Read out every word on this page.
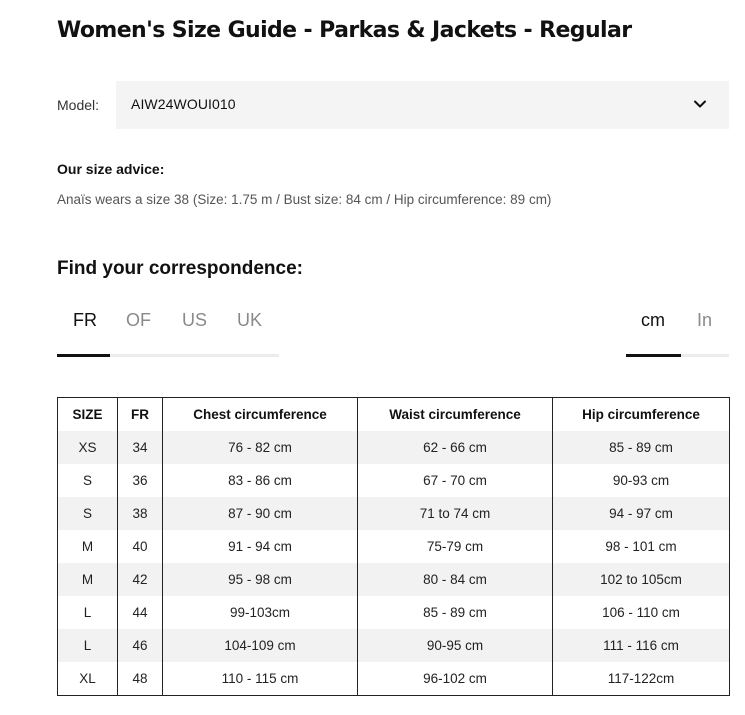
Women's Size Guide - Parkas & Jackets - Regular
Model: AIW24WOUI010
Our size advice:
Anaïs wears a size 38 (Size: 1.75 m / Bust size: 84 cm / Hip circumference: 89 cm)
Find your correspondence:
FR OF US UK	cm In
SIZE	FR	Chest circumference	Waist circumference	Hip circumference
XS	34	76 - 82 cm	62 - 66 cm	85 - 89 cm
S	36	83 - 86 cm	67 - 70 cm	90-93 cm
S	38	87 - 90 cm	71 to 74 cm	94 - 97 cm
M	40	91 - 94 cm	75-79 cm	98 - 101 cm
M	42	95 - 98 cm	80 - 84 cm	102 to 105cm
L	44	99-103cm	85 - 89 cm	106 - 110 cm
L	46	104-109 cm	90-95 cm	111 - 116 cm
XL	48	110 - 115 cm	96-102 cm	117-122cm
